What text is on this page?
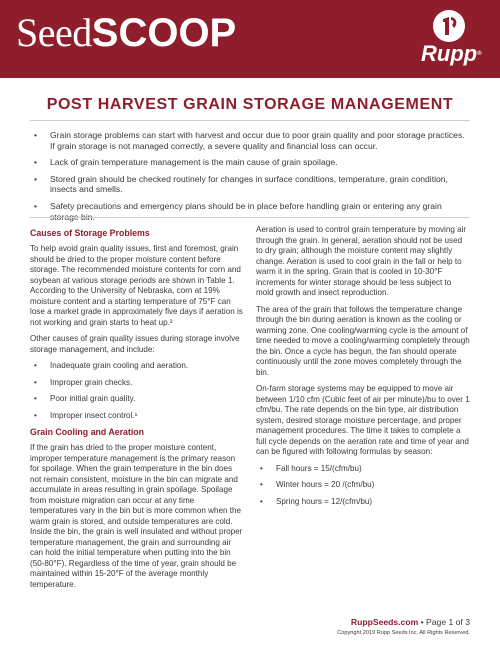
SeedSCOOP	Rupp®
POST HARVEST GRAIN STORAGE MANAGEMENT
• Grain storage problems can start with harvest and occur due to poor grain quality and poor storage practices. If grain storage is not managed correctly, a severe quality and financial loss can occur.
• Lack of grain temperature management is the main cause of grain spoilage.
• Stored grain should be checked routinely for changes in surface conditions, temperature, grain condition, insects and smells.
• Safety precautions and emergency plans should be in place before handling grain or entering any grain
Causes of Storage Problems

To help avoid grain quality issues, first and foremost, grain should be dried to the proper moisture content before storage. The recommended moisture contents for corn and soybean at various storage periods are shown in Table 1. According to the University of Nebraska, corn at 19% moisture content and a starting temperature of 75°F can lose a market grade in approximately five days if aeration is not working and grain starts to heat up.²

Other causes of grain quality issues during storage involve storage management, and include:

• Inadequate grain cooling and aeration.
• Improper grain checks.
• Poor initial grain quality.
• Improper insect control.¹
Grain Cooling and Aeration

If the grain has dried to the proper moisture content, improper temperature management is the primary reason for spoilage. When the grain temperature in the bin does not remain consistent, moisture in the bin can migrate and accumulate in areas resulting in grain spoilage. Spoilage from moisture migration can occur at any time temperatures vary in the bin but is more common when the warm grain is stored, and outside temperatures are cold. Inside the bin, the grain is well insulated and without proper temperature management, the grain and surrounding air can hold the initial temperature when putting into the bin (50-80°F). Regardless of the time of year, grain should be maintained within 15-20°F of the average monthly temperature.

Aeration is used to control grain temperature by moving air through the grain. In general, aeration should not be used to dry grain; although the moisture content may slightly change. Aeration is used to cool grain in the fall or help to warm it in the spring. Grain that is cooled in 10-30°F increments for winter storage should be less subject to mold growth and insect reproduction.

The area of the grain that follows the temperature change through the bin during aeration is known as the cooling or warming zone. One cooling/warming cycle is the amount of time needed to move a cooling/warming completely through the bin. Once a cycle has begun, the fan should operate continuously until the zone moves completely through the bin.

On-farm storage systems may be equipped to move air between 1/10 cfm (Cubic feet of air per minute)/bu to over 1 cfm/bu. The rate depends on the bin type, air distribution system, desired storage moisture percentage, and proper management procedures. The time it takes to complete a full cycle depends on the aeration rate and time of year and can be figured with following formulas by season:

• Fall hours = 15/(cfm/bu)
• Winter hours = 20 /(cfm/bu)
• Spring hours = 12/(cfm/bu)
RuppSeeds.com • Page 1 of 3
Copyright 2019 Rupp Seeds Inc. All Rights Reserved.
